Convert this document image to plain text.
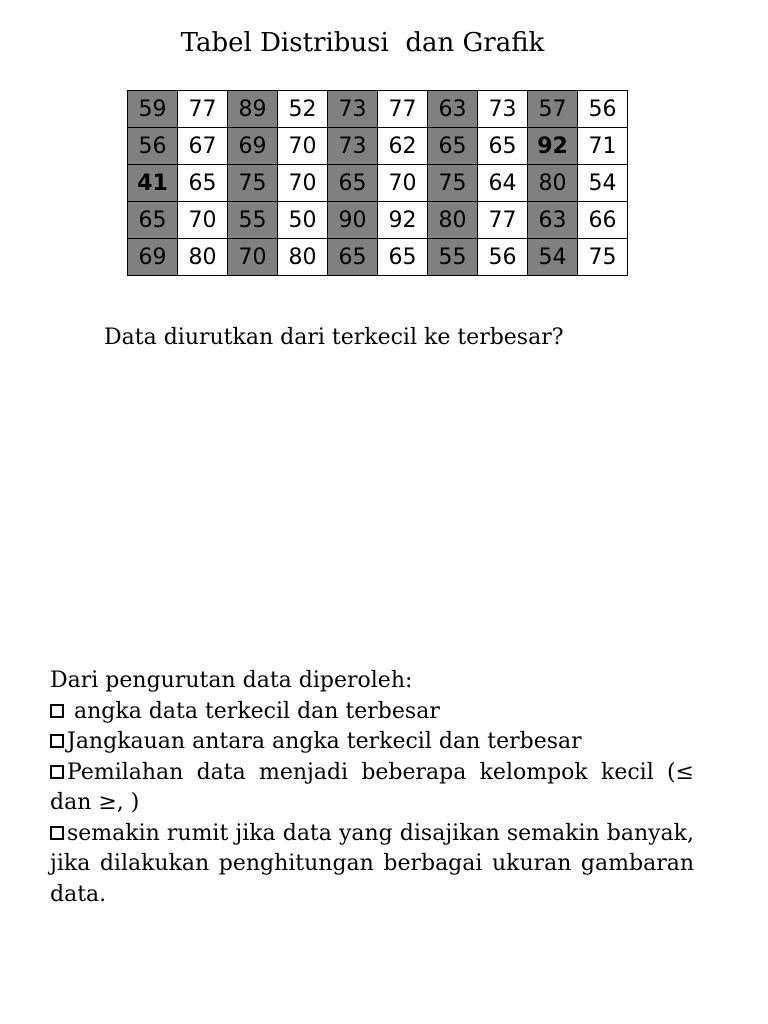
Tabel Distribusi  dan Grafik
59	77	89	52	73	77	63	73	57	56
56	67	69	70	73	62	65	65	92	71
41	65	75	70	65	70	75	64	80	54
65	70	55	50	90	92	80	77	63	66
69	80	70	80	65	65	55	56	54	75
Data diurutkan dari terkecil ke terbesar?

Dari pengurutan data diperoleh:

angka data terkecil dan terbesar

Jangkauan antara angka terkecil dan terbesar

Pemilahan data menjadi beberapa kelompok kecil (≤ dan ≥, )

semakin rumit jika data yang disajikan semakin banyak, jika dilakukan penghitungan berbagai ukuran gambaran data.
